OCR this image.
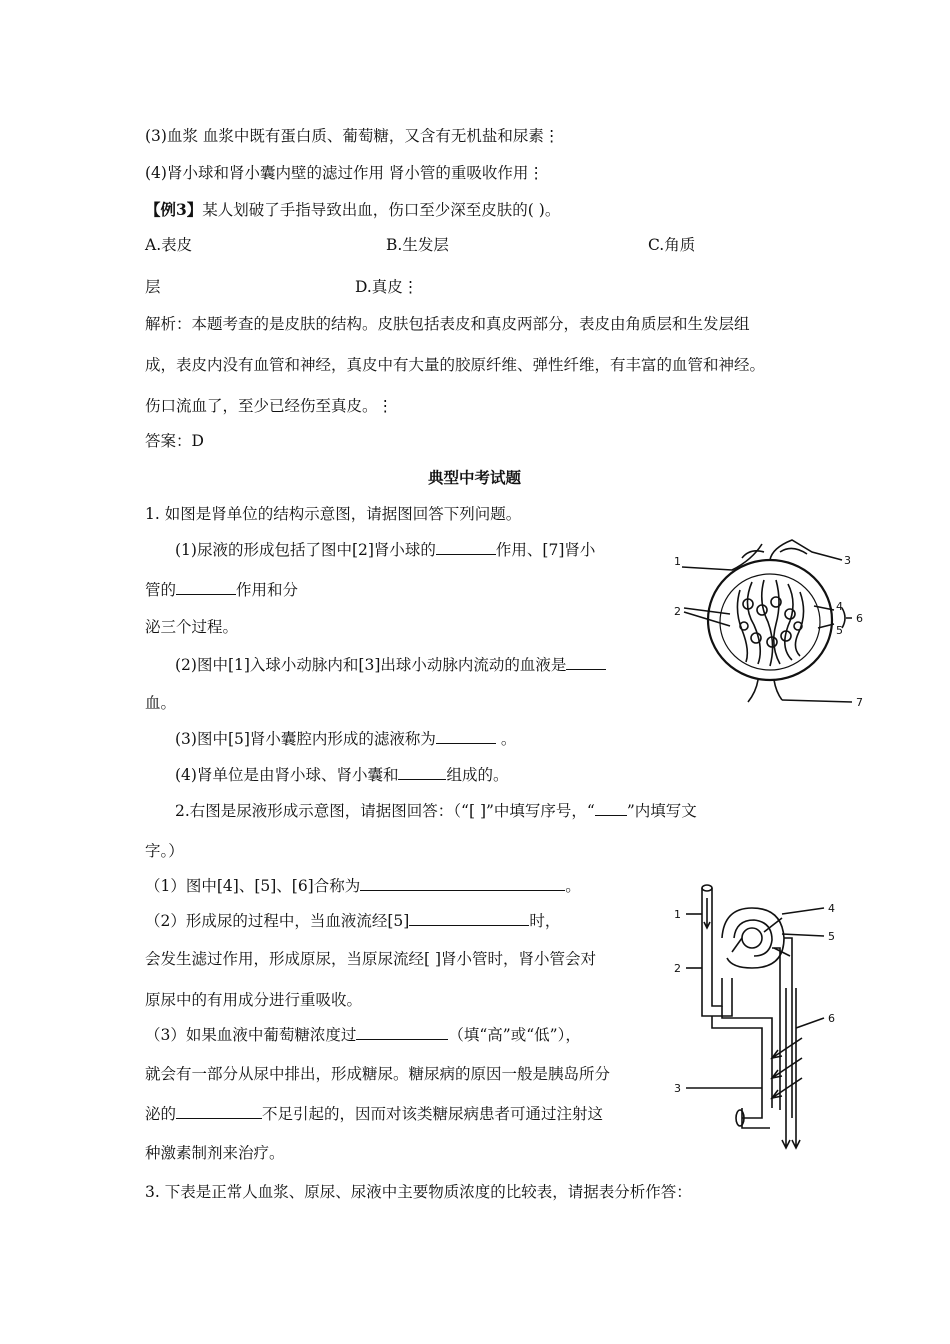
(3)血浆 血浆中既有蛋白质、葡萄糖，又含有无机盐和尿素⋮
(4)肾小球和肾小囊内壁的滤过作用 肾小管的重吸收作用⋮
【例3】某人划破了手指导致出血，伤口至少深至皮肤的( )。
A.表皮	B.生发层	C.角质
层	D.真皮⋮
解析：本题考查的是皮肤的结构。皮肤包括表皮和真皮两部分，表皮由角质层和生发层组
成，表皮内没有血管和神经，真皮中有大量的胶原纤维、弹性纤维，有丰富的血管和神经。
伤口流血了，至少已经伤至真皮。⋮
答案：D
典型中考试题
1. 如图是肾单位的结构示意图，请据图回答下列问题。
(1)尿液的形成包括了图中[2]肾小球的	作用、[7]肾小
管的	作用和分
泌三个过程。
(2)图中[1]入球小动脉内和[3]出球小动脉内流动的血液是
血。
(3)图中[5]肾小囊腔内形成的滤液称为	。
(4)肾单位是由肾小球、肾小囊和	组成的。
2.右图是尿液形成示意图，请据图回答：（“[ ]”中填写序号，“ ”内填写文
字。）
（1）图中[4]、[5]、[6]合称为	。
（2）形成尿的过程中，当血液流经[5]	时，
会发生滤过作用，形成原尿，当原尿流经[ ]肾小管时，肾小管会对
原尿中的有用成分进行重吸收。
（3）如果血液中葡萄糖浓度过	（填“高”或“低”），
就会有一部分从尿中排出，形成糖尿。糖尿病的原因一般是胰岛所分
泌的	不足引起的，因而对该类糖尿病患者可通过注射这
种激素制剂来治疗。
3. 下表是正常人血浆、原尿、尿液中主要物质浓度的比较表，请据表分析作答：
1
2
3
4
5
6
7
1
2
3
4
5
6
